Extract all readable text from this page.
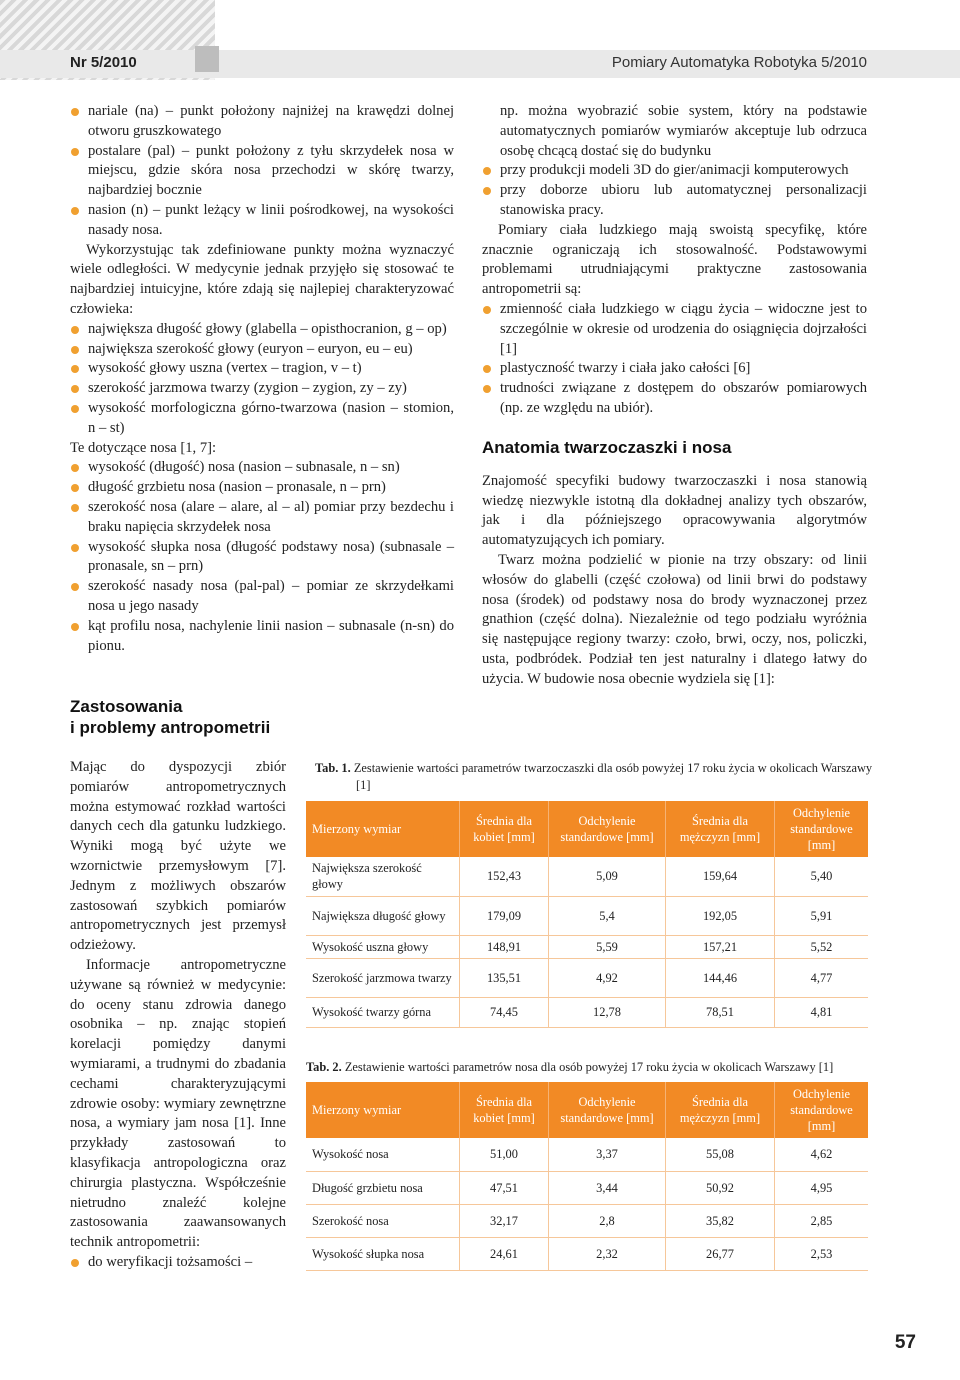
Nr 5/2010	Pomiary Automatyka Robotyka 5/2010
nariale (na) – punkt położony najniżej na krawędzi dolnej otworu gruszkowatego
postalare (pal) – punkt położony z tyłu skrzydełek nosa w miejscu, gdzie skóra nosa przechodzi w skórę twarzy, najbardziej bocznie
nasion (n) – punkt leżący w linii pośrodkowej, na wysokości nasady nosa.

Wykorzystując tak zdefiniowane punkty można wyznaczyć wiele odległości. W medycynie jednak przyjęło się stosować te najbardziej intuicyjne, które zdają się najlepiej charakteryzować człowieka:

największa długość głowy (glabella – opisthocranion, g – op)
największa szerokość głowy (euryon – euryon, eu – eu)
wysokość głowy uszna (vertex – tragion, v – t)
szerokość jarzmowa twarzy (zygion – zygion, zy – zy)
wysokość morfologiczna górno-twarzowa (nasion – stomion, n – st)

Te dotyczące nosa [1, 7]:

wysokość (długość) nosa (nasion – subnasale, n – sn)
długość grzbietu nosa (nasion – pronasale, n – prn)
szerokość nosa (alare – alare, al – al) pomiar przy bezdechu i braku napięcia skrzydełek nosa
wysokość słupka nosa (długość podstawy nosa) (subnasale – pronasale, sn – prn)
szerokość nasady nosa (pal-pal) – pomiar ze skrzydełkami nosa u jego nasady
kąt profilu nosa, nachylenie linii nasion – subnasale (n-sn) do pionu.
Zastosowania
i problemy antropometrii

Mając do dyspozycji zbiór pomiarów antropometrycznych można estymować rozkład wartości danych cech dla gatunku ludzkiego. Wyniki mogą być użyte we wzornictwie przemysłowym [7]. Jednym z możliwych obszarów zastosowań szybkich pomiarów antropometrycznych jest przemysł odzieżowy.

Informacje antropometryczne używane są również w medycynie: do oceny stanu zdrowia danego osobnika – np. znając stopień korelacji pomiędzy danymi wymiarami, a trudnymi do zbadania cechami charakteryzującymi zdrowie osoby: wymiary zewnętrzne nosa, a wymiary jam nosa [1]. Inne przykłady zastosowań to klasyfikacja antropologiczna oraz chirurgia plastyczna. Współcześnie nietrudno znaleźć kolejne zastosowania zaawansowanych technik antropometrii:

do weryfikacji tożsamości –

np. można wyobrazić sobie system, który na podstawie automatycznych pomiarów wymiarów akceptuje lub odrzuca osobę chcącą dostać się do budynku

przy produkcji modeli 3D do gier/animacji komputerowych
przy doborze ubioru lub automatycznej personalizacji stanowiska pracy.

Pomiary ciała ludzkiego mają swoistą specyfikę, które znacznie ograniczają ich stosowalność. Podstawowymi problemami utrudniającymi praktyczne zastosowania antropometrii są:

zmienność ciała ludzkiego w ciągu życia – widoczne jest to szczególnie w okresie od urodzenia do osiągnięcia dojrzałości [1]
plastyczność twarzy i ciała jako całości [6]
trudności związane z dostępem do obszarów pomiarowych (np. ze względu na ubiór).
Anatomia twarzoczaszki i nosa

Znajomość specyfiki budowy twarzoczaszki i nosa stanowią wiedzę niezwykle istotną dla dokładnej analizy tych obszarów, jak i dla późniejszego opracowywania algorytmów automatyzujących ich pomiary.

Twarz można podzielić w pionie na trzy obszary: od linii włosów do glabelli (część czołowa) od linii brwi do podstawy nosa (środek) od podstawy nosa do brody wyznaczonej przez gnathion (część dolna). Niezależnie od tego podziału wyróżnia się następujące regiony twarzy: czoło, brwi, oczy, nos, policzki, usta, podbródek. Podział ten jest naturalny i dlatego łatwy do użycia. W budowie nosa obecnie wydziela się [1]:

Tab. 1. Zestawienie wartości parametrów twarzoczaszki dla osób powyżej 17 roku życia w okolicach Warszawy [1]
Mierzony wymiar	Średnia dla kobiet [mm]	Odchylenie standardowe [mm]	Średnia dla mężczyzn [mm]	Odchylenie standardowe [mm]
Największa szerokość głowy	152,43	5,09	159,64	5,40
Największa długość głowy	179,09	5,4	192,05	5,91
Wysokość uszna głowy	148,91	5,59	157,21	5,52
Szerokość jarzmowa twarzy	135,51	4,92	144,46	4,77
Wysokość twarzy górna	74,45	12,78	78,51	4,81
Tab. 2. Zestawienie wartości parametrów nosa dla osób powyżej 17 roku życia w okolicach Warszawy [1]
Mierzony wymiar	Średnia dla kobiet [mm]	Odchylenie standardowe [mm]	Średnia dla mężczyzn [mm]	Odchylenie standardowe [mm]
Wysokość nosa	51,00	3,37	55,08	4,62
Długość grzbietu nosa	47,51	3,44	50,92	4,95
Szerokość nosa	32,17	2,8	35,82	2,85
Wysokość słupka nosa	24,61	2,32	26,77	2,53
57
